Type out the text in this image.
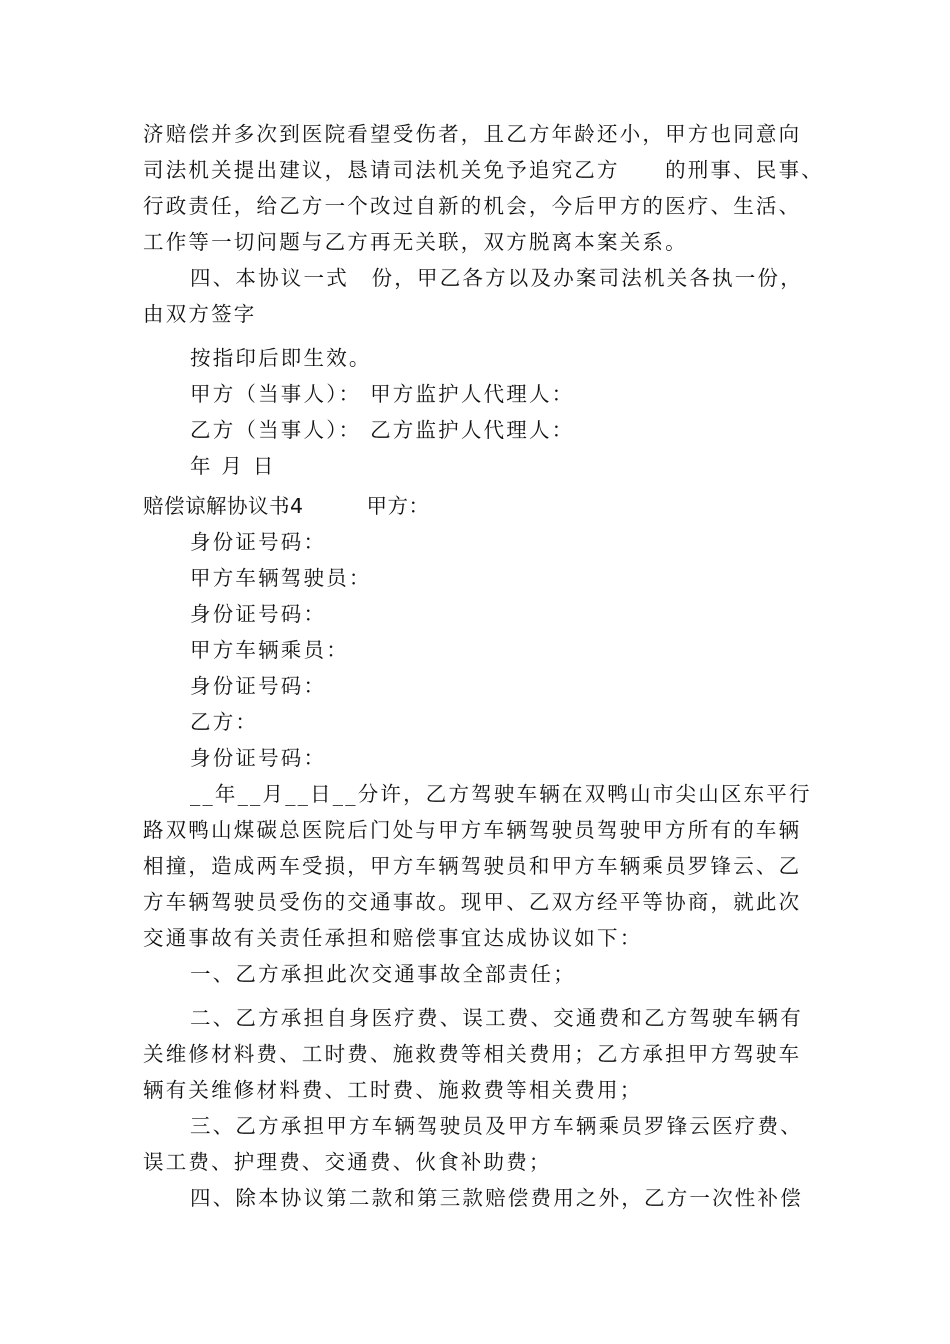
济赔偿并多次到医院看望受伤者，且乙方年龄还小，甲方也同意向
司法机关提出建议，恳请司法机关免予追究乙方　　的刑事、民事、
行政责任，给乙方一个改过自新的机会，今后甲方的医疗、生活、
工作等一切问题与乙方再无关联，双方脱离本案关系。
四、本协议一式　份，甲乙各方以及办案司法机关各执一份，
由双方签字
按指印后即生效。
甲方（当事人）： 甲方监护人代理人：
乙方（当事人）： 乙方监护人代理人：
年 月 日
赔偿谅解协议书4　　　甲方：
身份证号码：
甲方车辆驾驶员：
身份证号码：
甲方车辆乘员：
身份证号码：
乙方：
身份证号码：
__年__月__日__分许，乙方驾驶车辆在双鸭山市尖山区东平行
路双鸭山煤碳总医院后门处与甲方车辆驾驶员驾驶甲方所有的车辆
相撞，造成两车受损，甲方车辆驾驶员和甲方车辆乘员罗锋云、乙
方车辆驾驶员受伤的交通事故。现甲、乙双方经平等协商，就此次
交通事故有关责任承担和赔偿事宜达成协议如下：
一、乙方承担此次交通事故全部责任；
二、乙方承担自身医疗费、误工费、交通费和乙方驾驶车辆有
关维修材料费、工时费、施救费等相关费用；乙方承担甲方驾驶车
辆有关维修材料费、工时费、施救费等相关费用；
三、乙方承担甲方车辆驾驶员及甲方车辆乘员罗锋云医疗费、
误工费、护理费、交通费、伙食补助费；
四、除本协议第二款和第三款赔偿费用之外，乙方一次性补偿
